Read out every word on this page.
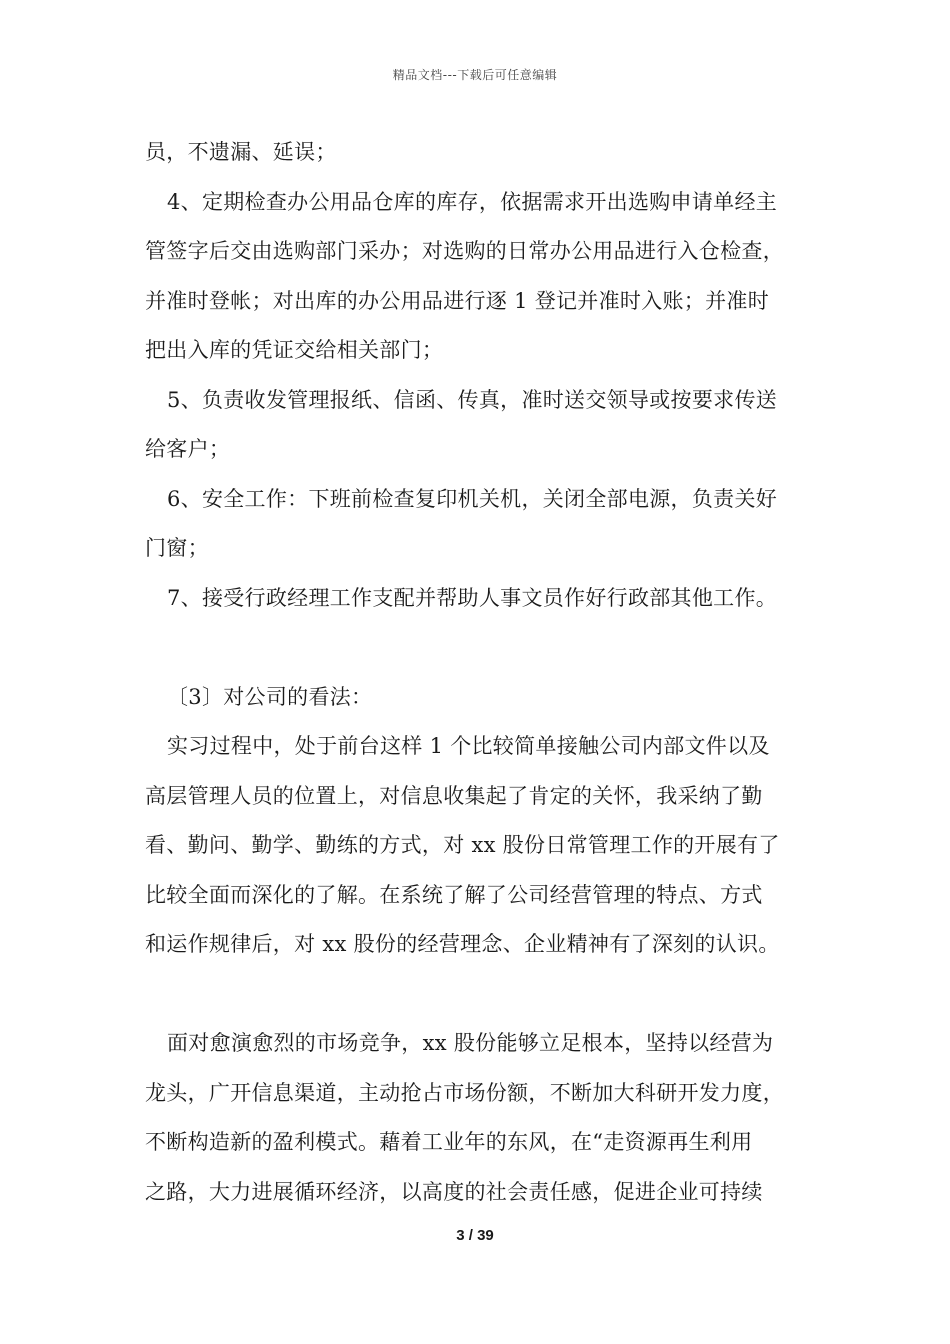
精品文档---下载后可任意编辑
员，不遗漏、延误；
4、定期检查办公用品仓库的库存，依据需求开出选购申请单经主
管签字后交由选购部门采办；对选购的日常办公用品进行入仓检查，
并准时登帐；对出库的办公用品进行逐 1 登记并准时入账；并准时
把出入库的凭证交给相关部门；
5、负责收发管理报纸、信函、传真，准时送交领导或按要求传送
给客户；
6、安全工作：下班前检查复印机关机，关闭全部电源，负责关好
门窗；
7、接受行政经理工作支配并帮助人事文员作好行政部其他工作。
〔3〕对公司的看法：
实习过程中，处于前台这样 1 个比较简单接触公司内部文件以及
高层管理人员的位置上，对信息收集起了肯定的关怀，我采纳了勤
看、勤问、勤学、勤练的方式，对 xx 股份日常管理工作的开展有了
比较全面而深化的了解。在系统了解了公司经营管理的特点、方式
和运作规律后，对 xx 股份的经营理念、企业精神有了深刻的认识。
面对愈演愈烈的市场竞争，xx 股份能够立足根本，坚持以经营为
龙头，广开信息渠道，主动抢占市场份额，不断加大科研开发力度，
不断构造新的盈利模式。藉着工业年的东风，在“走资源再生利用
之路，大力进展循环经济，以高度的社会责任感，促进企业可持续
3 / 39
